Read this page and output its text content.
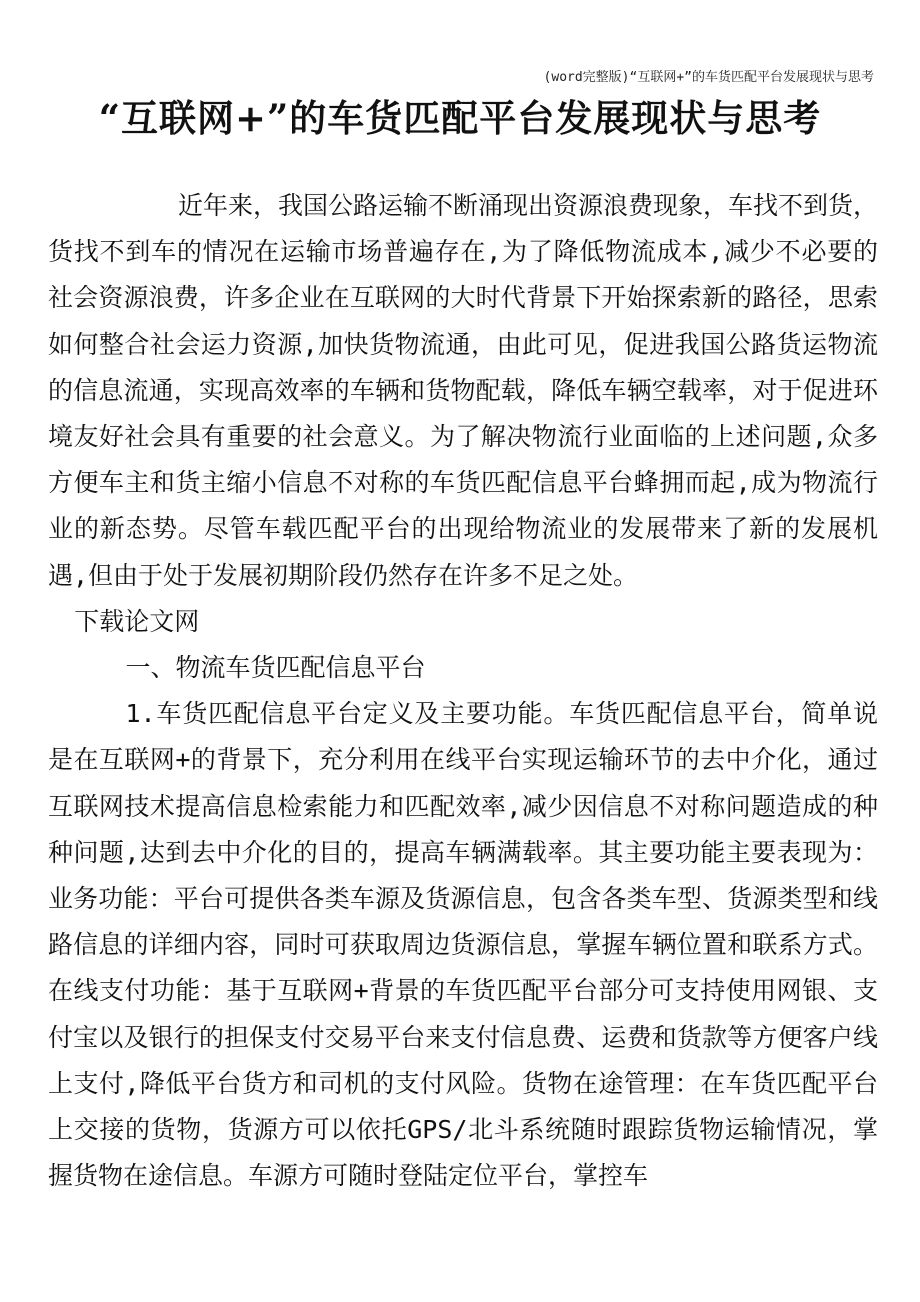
(word完整版)“互联网+”的车货匹配平台发展现状与思考
“互联网+”的车货匹配平台发展现状与思考

近年来，我国公路运输不断涌现出资源浪费现象，车找不到货，货找不到车的情况在运输市场普遍存在,为了降低物流成本,减少不必要的社会资源浪费，许多企业在互联网的大时代背景下开始探索新的路径，思索如何整合社会运力资源,加快货物流通，由此可见，促进我国公路货运物流的信息流通，实现高效率的车辆和货物配载，降低车辆空载率，对于促进环境友好社会具有重要的社会意义。为了解决物流行业面临的上述问题,众多方便车主和货主缩小信息不对称的车货匹配信息平台蜂拥而起,成为物流行业的新态势。尽管车载匹配平台的出现给物流业的发展带来了新的发展机遇,但由于处于发展初期阶段仍然存在许多不足之处。

下载论文网

一、物流车货匹配信息平台

1.车货匹配信息平台定义及主要功能。车货匹配信息平台，简单说是在互联网+的背景下，充分利用在线平台实现运输环节的去中介化，通过互联网技术提高信息检索能力和匹配效率,减少因信息不对称问题造成的种种问题,达到去中介化的目的，提高车辆满载率。其主要功能主要表现为：业务功能：平台可提供各类车源及货源信息，包含各类车型、货源类型和线路信息的详细内容，同时可获取周边货源信息，掌握车辆位置和联系方式。在线支付功能：基于互联网+背景的车货匹配平台部分可支持使用网银、支付宝以及银行的担保支付交易平台来支付信息费、运费和货款等方便客户线上支付,降低平台货方和司机的支付风险。货物在途管理：在车货匹配平台上交接的货物，货源方可以依托GPS/北斗系统随时跟踪货物运输情况，掌握货物在途信息。车源方可随时登陆定位平台，掌控车
